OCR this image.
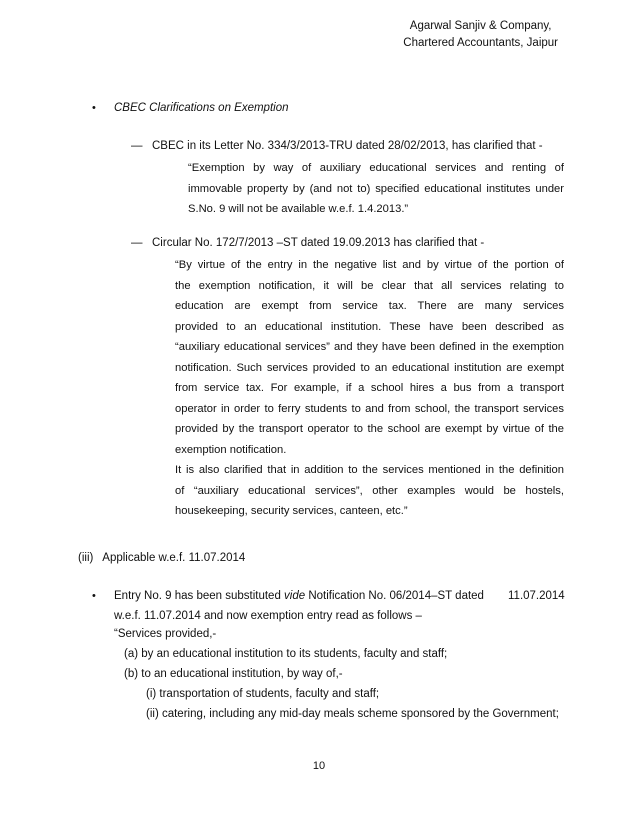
Agarwal Sanjiv & Company,
Chartered Accountants, Jaipur
• CBEC Clarifications on Exemption
— CBEC in its Letter No. 334/3/2013-TRU dated 28/02/2013, has clarified that -
“Exemption by way of auxiliary educational services and renting of
immovable property by (and not to) specified educational institutes under
S.No. 9 will not be available w.e.f. 1.4.2013.”
— Circular No. 172/7/2013 –ST dated 19.09.2013 has clarified that -
“By virtue of the entry in the negative list and by virtue of the portion of
the exemption notification, it will be clear that all services relating to
education are exempt from service tax. There are many services
provided to an educational institution. These have been described as
“auxiliary educational services” and they have been defined in the exemption
notification. Such services provided to an educational institution are exempt
from service tax. For example, if a school hires a bus from a transport
operator in order to ferry students to and from school, the transport services
provided by the transport operator to the school are exempt by virtue of the
exemption notification.
It is also clarified that in addition to the services mentioned in the definition
of “auxiliary educational services”, other examples would be hostels,
housekeeping, security services, canteen, etc.”
(iii)   Applicable w.e.f. 11.07.2014
• Entry No. 9 has been substituted vide Notification No. 06/2014–ST dated 11.07.2014
w.e.f. 11.07.2014 and now exemption entry read as follows –
“Services provided,-
(a) by an educational institution to its students, faculty and staff;
(b) to an educational institution, by way of,-
(i) transportation of students, faculty and staff;
(ii) catering, including any mid-day meals scheme sponsored by the Government;
10
